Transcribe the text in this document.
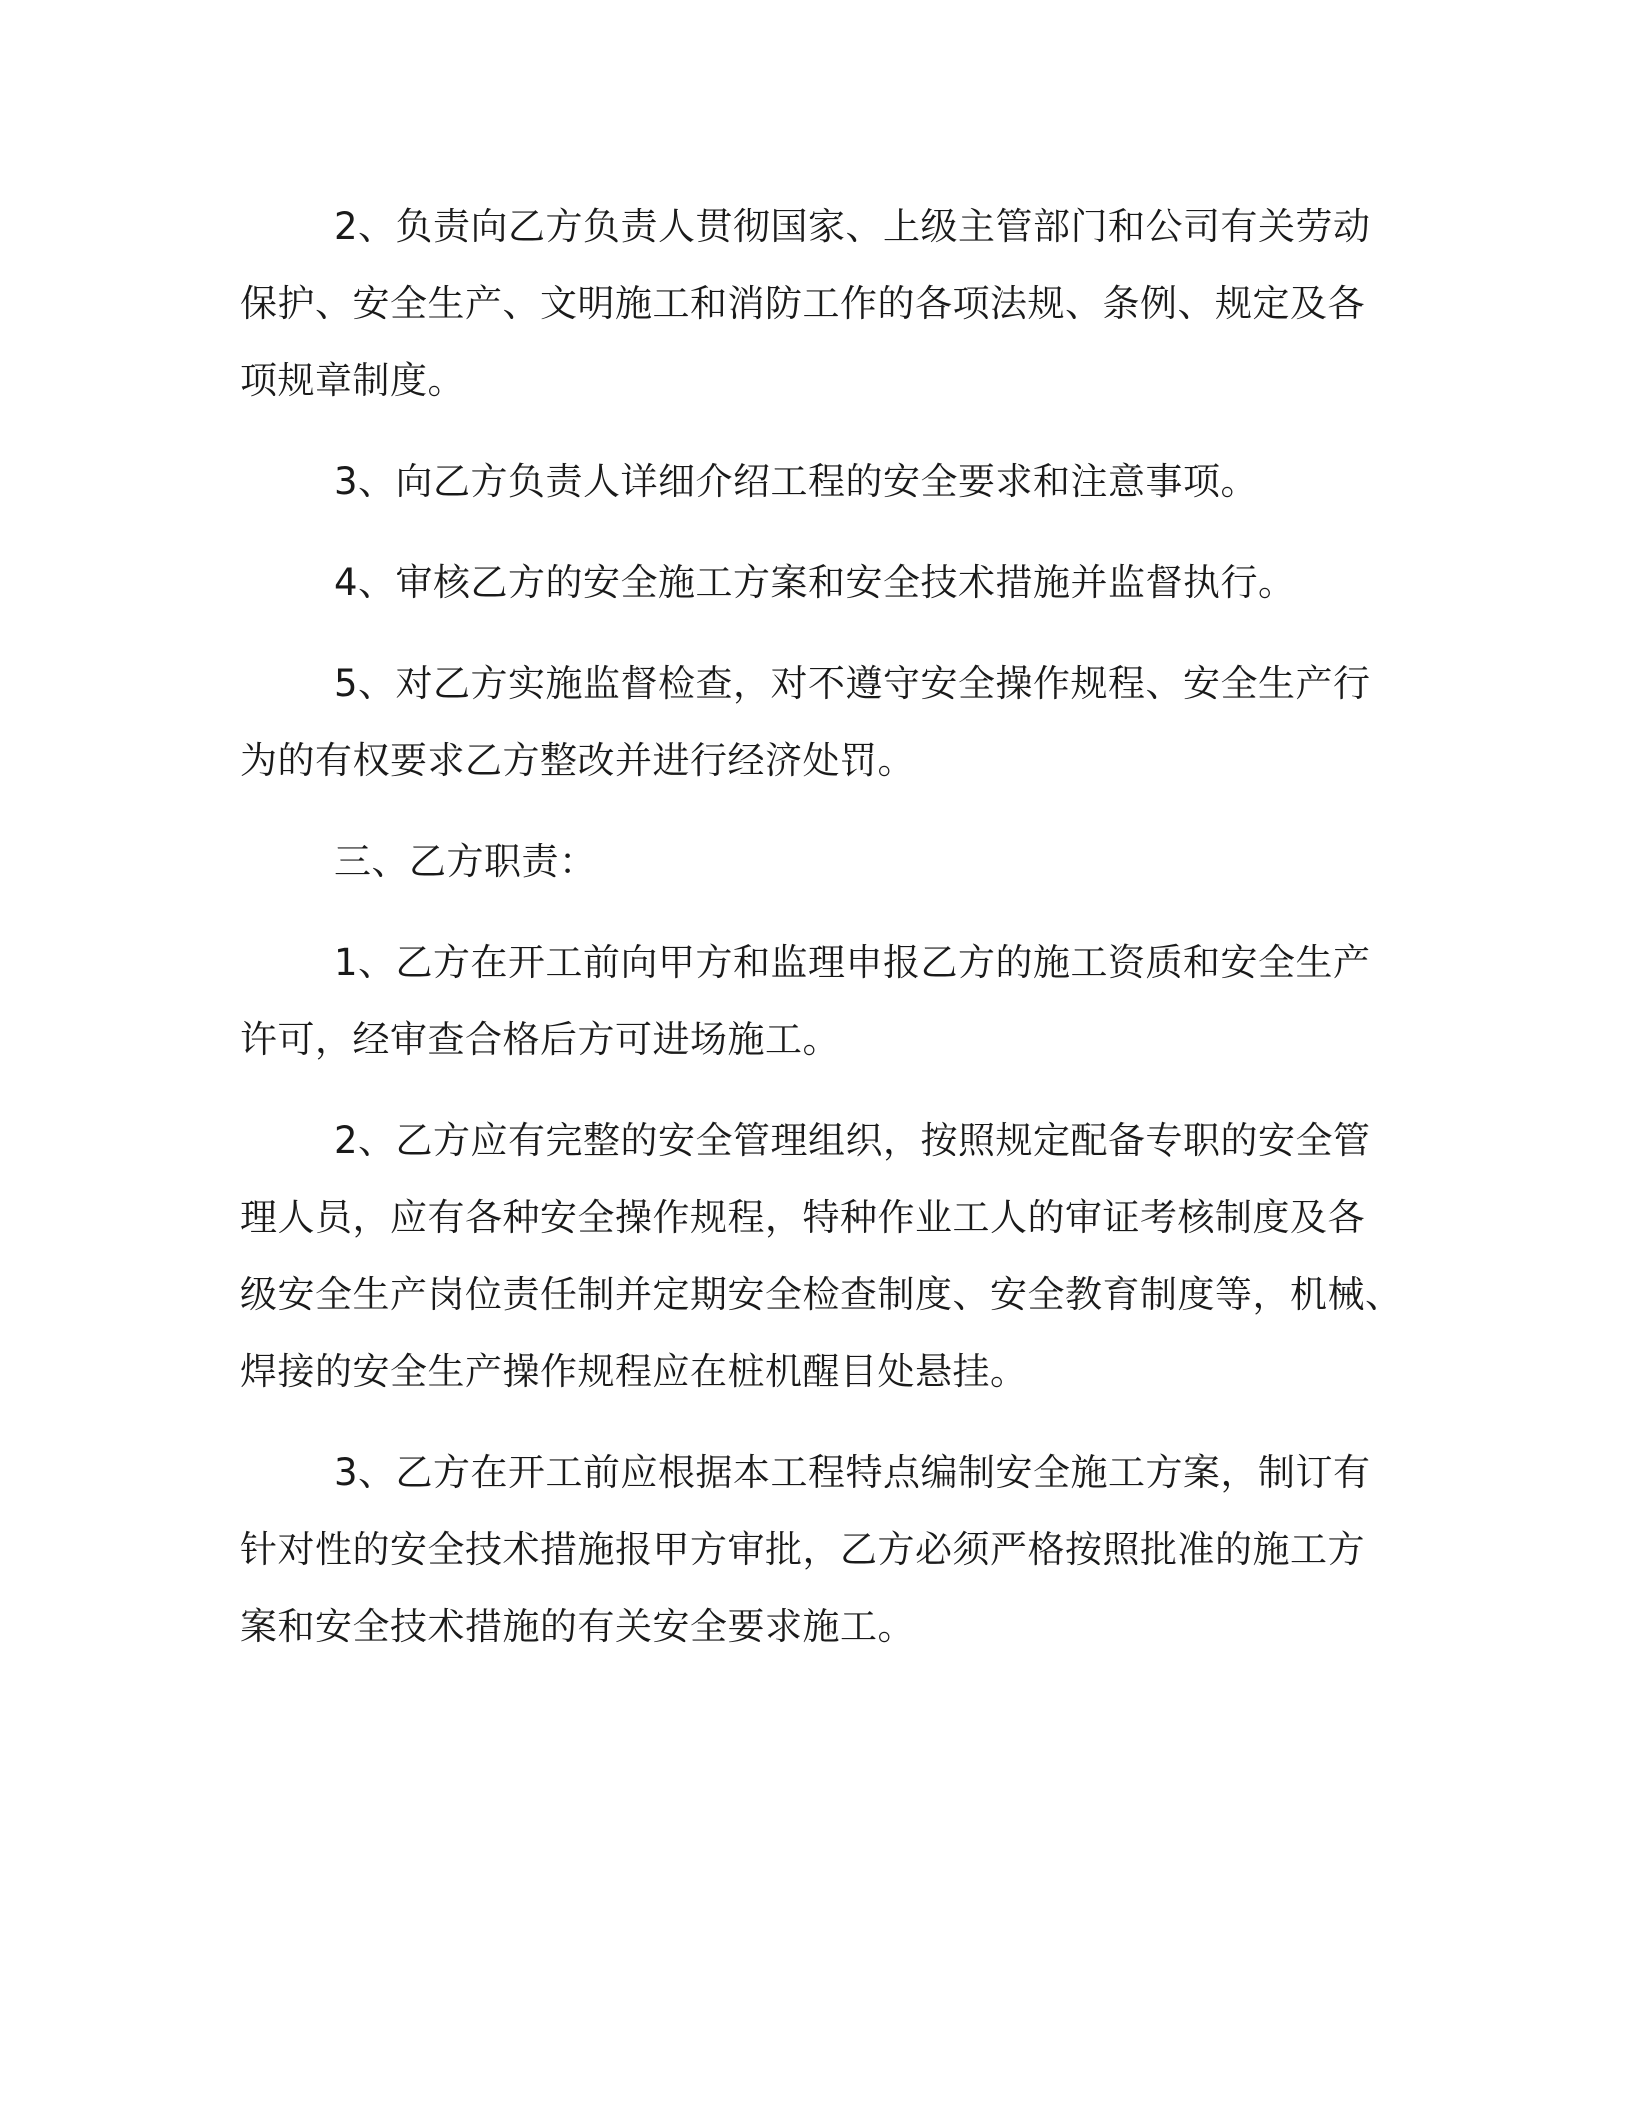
2、负责向乙方负责人贯彻国家、上级主管部门和公司有关劳动
保护、安全生产、文明施工和消防工作的各项法规、条例、规定及各
项规章制度。

3、向乙方负责人详细介绍工程的安全要求和注意事项。

4、审核乙方的安全施工方案和安全技术措施并监督执行。

5、对乙方实施监督检查，对不遵守安全操作规程、安全生产行
为的有权要求乙方整改并进行经济处罚。

三、乙方职责：

1、乙方在开工前向甲方和监理申报乙方的施工资质和安全生产
许可，经审查合格后方可进场施工。

2、乙方应有完整的安全管理组织，按照规定配备专职的安全管
理人员，应有各种安全操作规程，特种作业工人的审证考核制度及各
级安全生产岗位责任制并定期安全检查制度、安全教育制度等，机械、
焊接的安全生产操作规程应在桩机醒目处悬挂。

3、乙方在开工前应根据本工程特点编制安全施工方案，制订有
针对性的安全技术措施报甲方审批，乙方必须严格按照批准的施工方
案和安全技术措施的有关安全要求施工。
